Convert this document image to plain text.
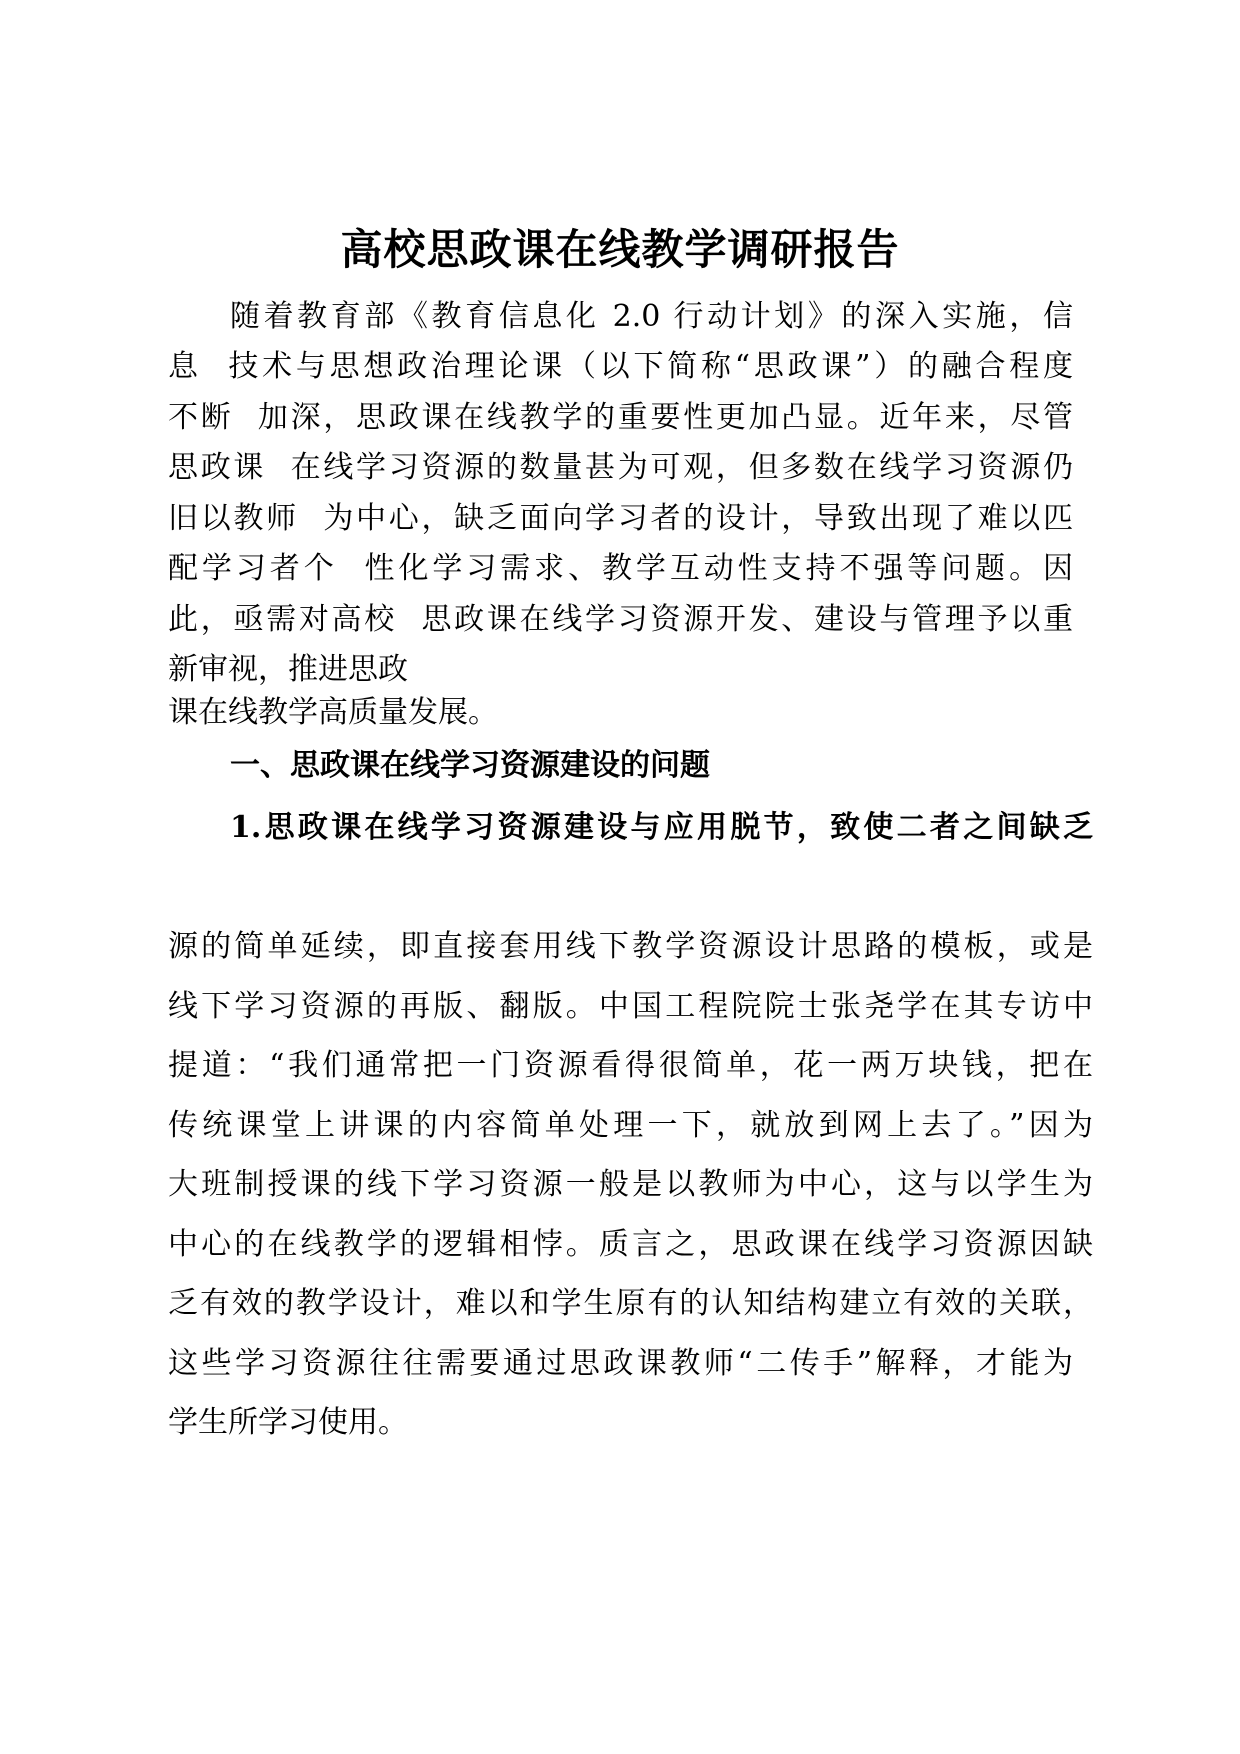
高校思政课在线教学调研报告
随着教育部《教育信息化 2.0 行动计划》的深入实施，信
息  技术与思想政治理论课（以下简称“思政课”）的融合程度
不断  加深，思政课在线教学的重要性更加凸显。近年来，尽管
思政课  在线学习资源的数量甚为可观，但多数在线学习资源仍
旧以教师  为中心，缺乏面向学习者的设计，导致出现了难以匹
配学习者个  性化学习需求、教学互动性支持不强等问题。因
此，亟需对高校  思政课在线学习资源开发、建设与管理予以重
新审视，推进思政
课在线教学高质量发展。
一、思政课在线学习资源建设的问题
1.思政课在线学习资源建设与应用脱节，致使二者之间缺乏

源的简单延续，即直接套用线下教学资源设计思路的模板，或是
线下学习资源的再版、翻版。中国工程院院士张尧学在其专访中
提道：“我们通常把一门资源看得很简单，花一两万块钱，把在
传统课堂上讲课的内容简单处理一下，就放到网上去了。”因为
大班制授课的线下学习资源一般是以教师为中心，这与以学生为
中心的在线教学的逻辑相悖。质言之，思政课在线学习资源因缺
乏有效的教学设计，难以和学生原有的认知结构建立有效的关联，
这些学习资源往往需要通过思政课教师“二传手”解释，才能为
学生所学习使用。
